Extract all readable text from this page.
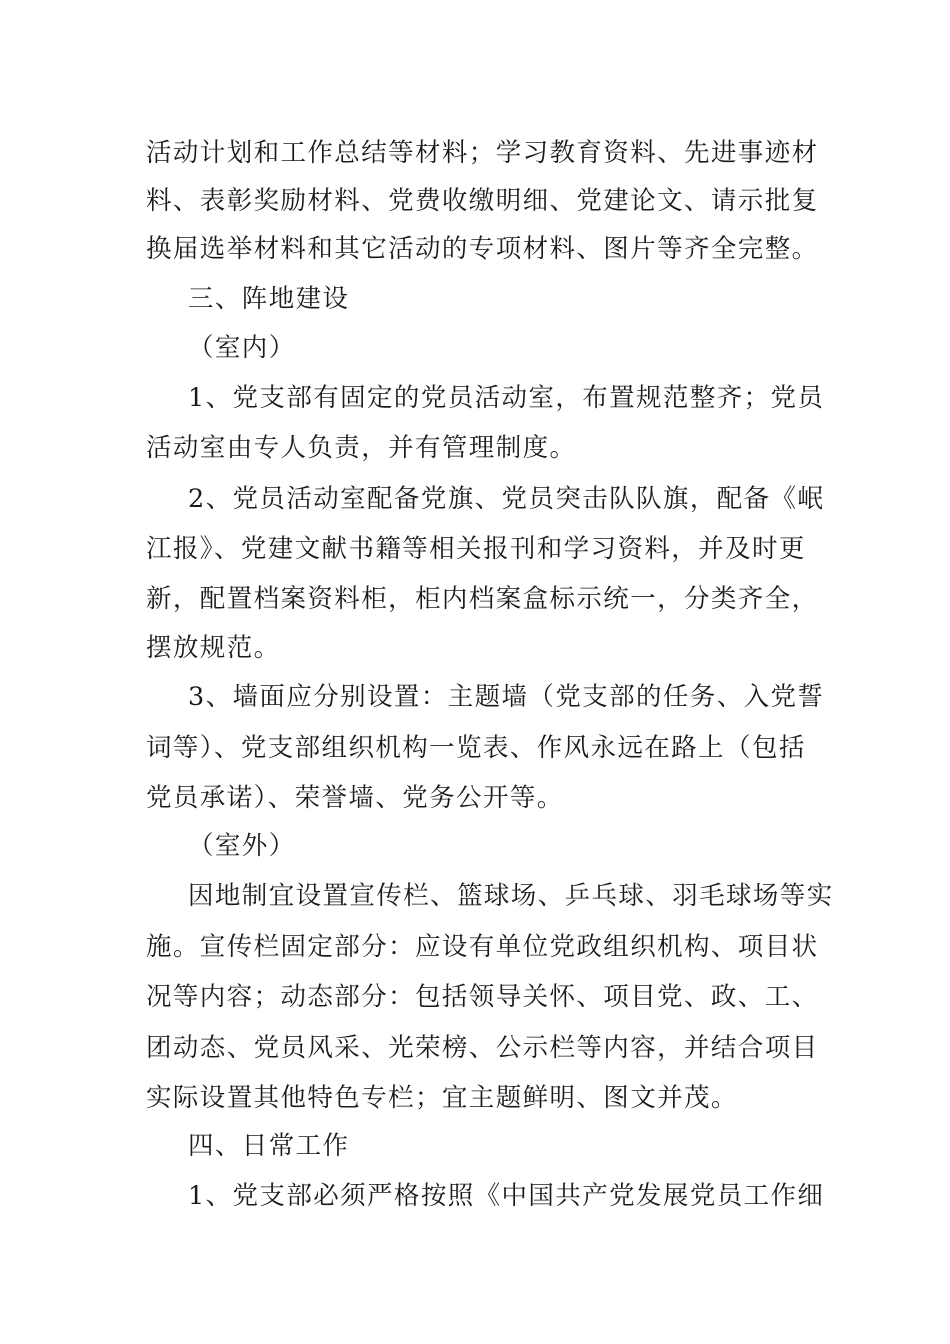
活动计划和工作总结等材料；学习教育资料、先进事迹材
料、表彰奖励材料、党费收缴明细、党建论文、请示批复
换届选举材料和其它活动的专项材料、图片等齐全完整。
三、阵地建设
（室内）
1、党支部有固定的党员活动室，布置规范整齐；党员
活动室由专人负责，并有管理制度。
2、党员活动室配备党旗、党员突击队队旗，配备《岷
江报》、党建文献书籍等相关报刊和学习资料，并及时更
新，配置档案资料柜，柜内档案盒标示统一，分类齐全，
摆放规范。
3、墙面应分别设置：主题墙（党支部的任务、入党誓
词等）、党支部组织机构一览表、作风永远在路上（包括
党员承诺）、荣誉墙、党务公开等。
（室外）
因地制宜设置宣传栏、篮球场、乒乓球、羽毛球场等实
施。宣传栏固定部分：应设有单位党政组织机构、项目状
况等内容；动态部分：包括领导关怀、项目党、政、工、
团动态、党员风采、光荣榜、公示栏等内容，并结合项目
实际设置其他特色专栏；宜主题鲜明、图文并茂。
四、日常工作
1、党支部必须严格按照《中国共产党发展党员工作细
